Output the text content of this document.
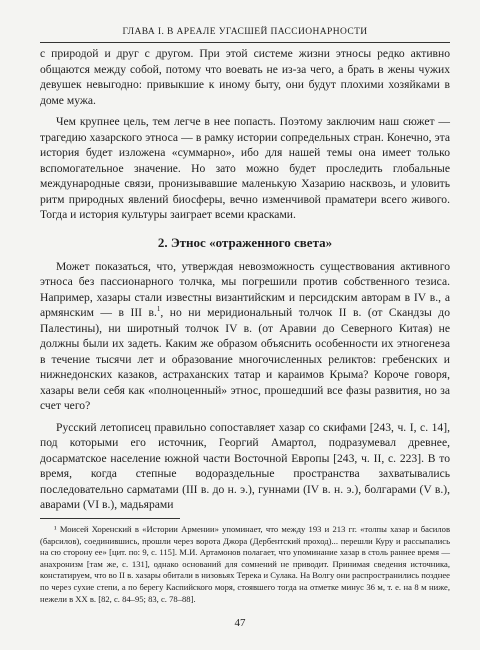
ГЛАВА I. В АРЕАЛЕ УГАСШЕЙ ПАССИОНАРНОСТИ

с природой и друг с другом. При этой системе жизни этносы редко активно общаются между собой, потому что воевать не из-за чего, а брать в жены чужих девушек невыгодно: привыкшие к иному быту, они будут плохими хозяйками в доме мужа.

Чем крупнее цель, тем легче в нее попасть. Поэтому заключим наш сюжет — трагедию хазарского этноса — в рамку истории сопредельных стран. Конечно, эта история будет изложена «суммарно», ибо для нашей темы она имеет только вспомогательное значение. Но зато можно будет проследить глобальные международные связи, пронизывавшие маленькую Хазарию насквозь, и уловить ритм природных явлений биосферы, вечно изменчивой праматери всего живого. Тогда и история культуры заиграет всеми красками.

2. Этнос «отраженного света»

Может показаться, что, утверждая невозможность существования активного этноса без пассионарного толчка, мы погрешили против собственного тезиса. Например, хазары стали известны византийским и персидским авторам в IV в., а армянским — в III в.$^1$, но ни меридиональный толчок II в. (от Скандзы до Палестины), ни широтный толчок IV в. (от Аравии до Северного Китая) не должны были их задеть. Каким же образом объяснить особенности их этногенеза в течение тысячи лет и образование многочисленных реликтов: гребенских и нижнедонских казаков, астраханских татар и караимов Крыма? Короче говоря, хазары вели себя как «полноценный» этнос, прошедший все фазы развития, но за счет чего?

Русский летописец правильно сопоставляет хазар со скифами [243, ч. I, с. 14], под которыми его источник, Георгий Амартол, подразумевал древнее, досарматское население южной части Восточной Европы [243, ч. II, с. 223]. В то время, когда степные водораздельные пространства захватывались последовательно сарматами (III в. до н. э.), гуннами (IV в. н. э.), болгарами (V в.), аварами (VI в.), мадьярами

¹ Моисей Хоренский в «Истории Армении» упоминает, что между 193 и 213 гг. «толпы хазар и басилов (барсилов), соединившись, прошли через ворота Джора (Дербентский проход)... перешли Куру и рассыпались на сю сторону ее» [цит. по: 9, с. 115]. М.И. Артамонов полагает, что упоминание хазар в столь раннее время — анахронизм [там же, с. 131], однако оснований для сомнений не приводит. Принимая сведения источника, констатируем, что во II в. хазары обитали в низовьях Терека и Сулака. На Волгу они распространились позднее по через сухие степи, а по берегу Каспийского моря, стоявшего тогда на отметке минус 36 м, т. е. на 8 м ниже, нежели в XX в. [82, с. 84–95; 83, с. 78–88].

47
